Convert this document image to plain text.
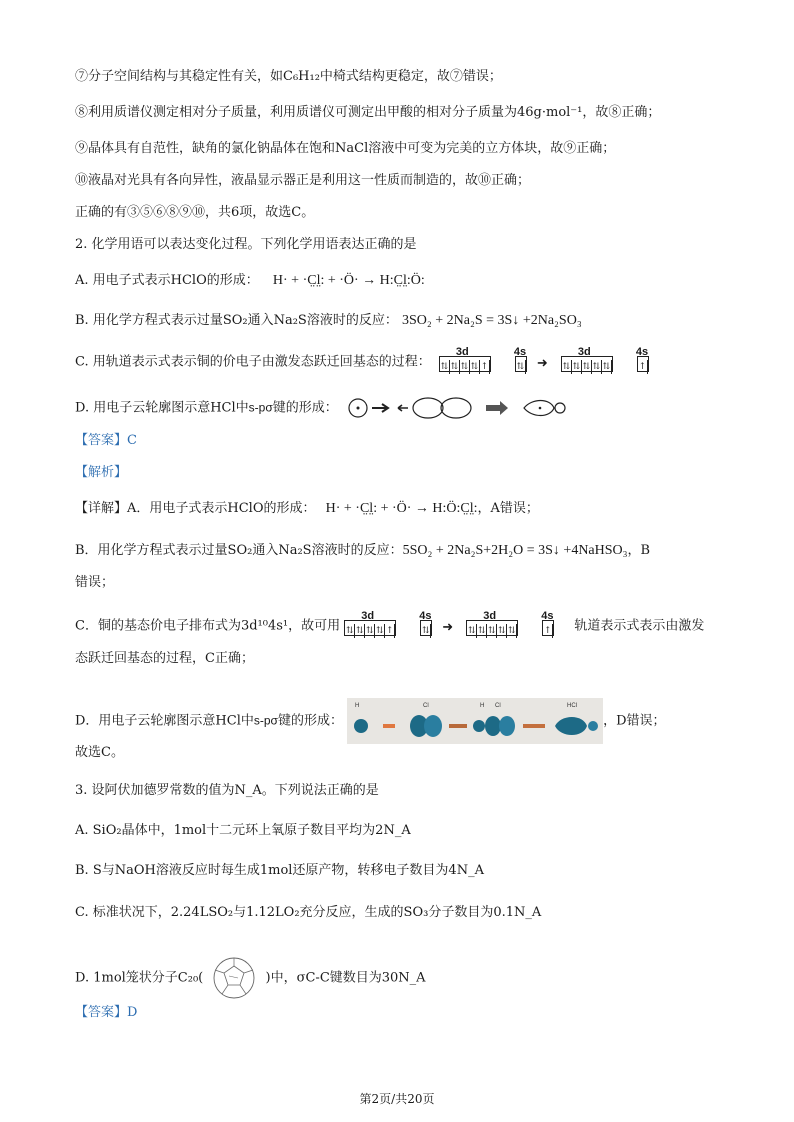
⑦分子空间结构与其稳定性有关，如C₆H₁₂中椅式结构更稳定，故⑦错误；
⑧利用质谱仪测定相对分子质量，利用质谱仪可测定出甲酸的相对分子质量为46g·mol⁻¹，故⑧正确；
⑨晶体具有自范性，缺角的氯化钠晶体在饱和NaCl溶液中可变为完美的立方体块，故⑨正确；
⑩液晶对光具有各向异性，液晶显示器正是利用这一性质而制造的，故⑩正确；
正确的有③⑤⑥⑧⑨⑩，共6项，故选C。
2. 化学用语可以表达变化过程。下列化学用语表达正确的是
A. 用电子式表示HClO的形成： H· + ·C̤l̤: + ·Ö· → H:C̤l̤:Ö:
B. 用化学方程式表示过量SO₂通入Na₂S溶液时的反应： 3SO₂ + 2Na₂S = 3S↓ +2Na₂SO₃
C. 用轨道表示式表示铜的价电子由激发态跃迁回基态的过程： ⇅ ⇅ ⇅ ⇅ ↑
3d
⇅
4s
➜ ⇅ ⇅ ⇅ ⇅ ⇅
3d
↑
4s
D. 用电子云轮廓图示意HCl中s-pσ键的形成：
【答案】C
【解析】
【详解】A．用电子式表示HClO的形成： H· + ·C̤l̤: + ·Ö· → H:Ö:C̤l̤:，A错误；
B．用化学方程式表示过量SO₂通入Na₂S溶液时的反应：5SO₂ + 2Na₂S+2H₂O = 3S↓ +4NaHSO₃，B
错误；
C．铜的基态价电子排布式为3d¹⁰4s¹，故可用 ⇅ ⇅ ⇅ ⇅ ↑
3d
⇅
4s
➜ ⇅ ⇅ ⇅ ⇅ ⇅
3d
↑
4s
轨道表示式表示由激发
态跃迁回基态的过程，C正确；
D．用电子云轮廓图示意HCl中s-pσ键的形成：
H	Cl	H Cl	HCl
，D错误；
故选C。
3. 设阿伏加德罗常数的值为N_A。下列说法正确的是
A. SiO₂晶体中，1mol十二元环上氧原子数目平均为2N_A
B. S与NaOH溶液反应时每生成1mol还原产物，转移电子数目为4N_A
C. 标准状况下，2.24LSO₂与1.12LO₂充分反应，生成的SO₃分子数目为0.1N_A
D. 1mol笼状分子C₂₀(	)中，σC-C键数目为30N_A
【答案】D
第2页/共20页
